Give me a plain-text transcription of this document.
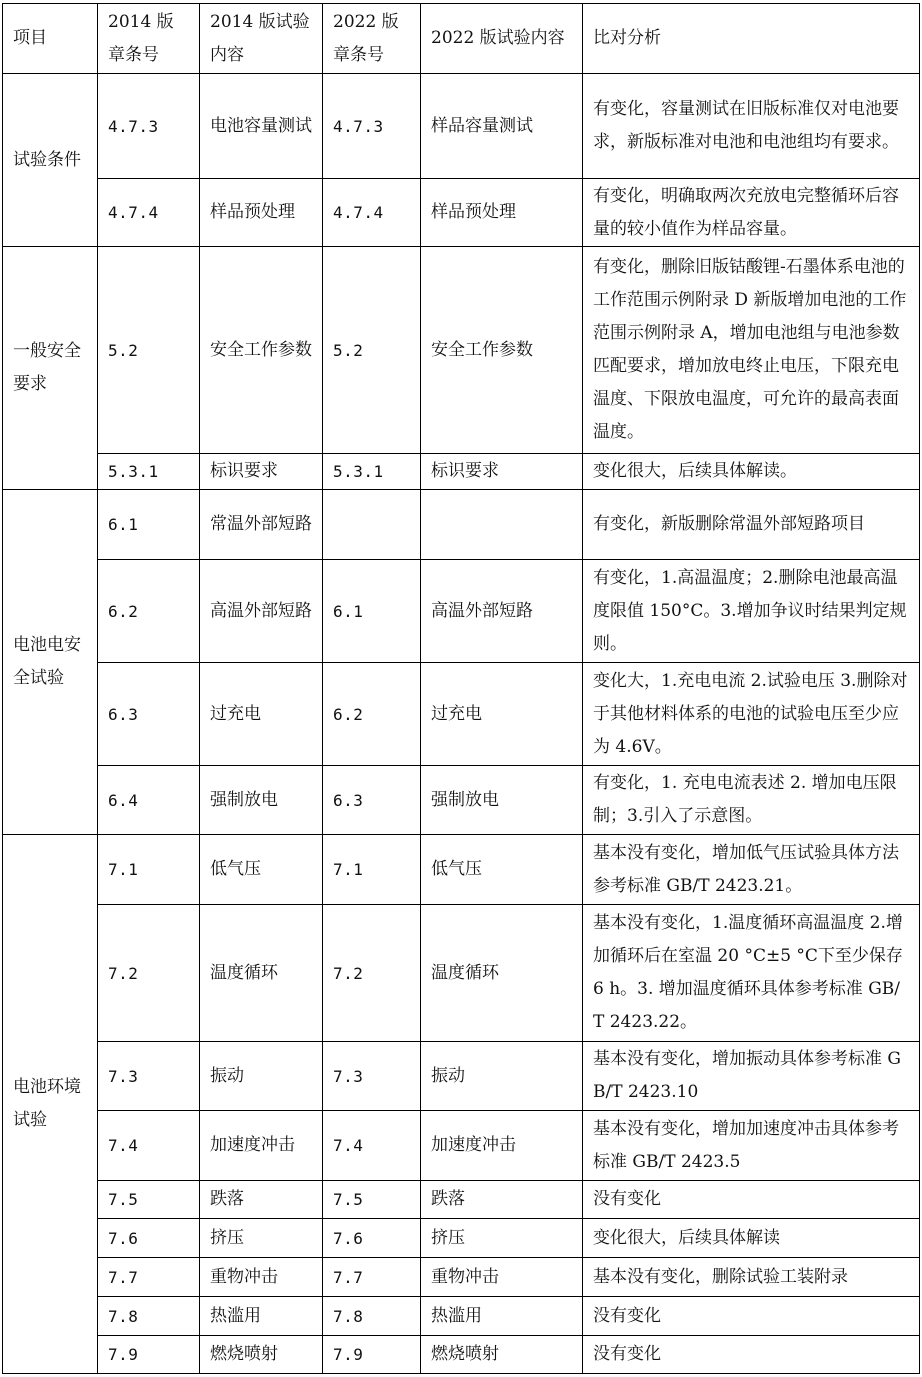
项目	2014 版章条号	2014 版试验内容	2022 版章条号	2022 版试验内容	比对分析
试验条件	4.7.3	电池容量测试	4.7.3	样品容量测试	有变化，容量测试在旧版标准仅对电池要求，新版标准对电池和电池组均有要求。
	4.7.4	样品预处理	4.7.4	样品预处理	有变化，明确取两次充放电完整循环后容量的较小值作为样品容量。
一般安全要求	5.2	安全工作参数	5.2	安全工作参数	有变化，删除旧版钴酸锂-石墨体系电池的工作范围示例附录 D 新版增加电池的工作范围示例附录 A，增加电池组与电池参数匹配要求，增加放电终止电压，下限充电温度、下限放电温度，可允许的最高表面温度。
	5.3.1	标识要求	5.3.1	标识要求	变化很大，后续具体解读。
电池电安全试验	6.1	常温外部短路			有变化，新版删除常温外部短路项目
	6.2	高温外部短路	6.1	高温外部短路	有变化，1.高温温度；2.删除电池最高温度限值 150°C。3.增加争议时结果判定规则。
	6.3	过充电	6.2	过充电	变化大，1.充电电流 2.试验电压 3.删除对于其他材料体系的电池的试验电压至少应为 4.6V。
	6.4	强制放电	6.3	强制放电	有变化，1. 充电电流表述 2. 增加电压限制；3.引入了示意图。
电池环境试验	7.1	低气压	7.1	低气压	基本没有变化，增加低气压试验具体方法参考标准 GB/T 2423.21。
	7.2	温度循环	7.2	温度循环	基本没有变化，1.温度循环高温温度 2.增加循环后在室温 20 °C±5 °C下至少保存 6 h。3. 增加温度循环具体参考标准 GB/T 2423.22。
	7.3	振动	7.3	振动	基本没有变化，增加振动具体参考标准 GB/T 2423.10
	7.4	加速度冲击	7.4	加速度冲击	基本没有变化，增加加速度冲击具体参考标准 GB/T 2423.5
	7.5	跌落	7.5	跌落	没有变化
	7.6	挤压	7.6	挤压	变化很大，后续具体解读
	7.7	重物冲击	7.7	重物冲击	基本没有变化，删除试验工装附录
	7.8	热滥用	7.8	热滥用	没有变化
	7.9	燃烧喷射	7.9	燃烧喷射	没有变化
